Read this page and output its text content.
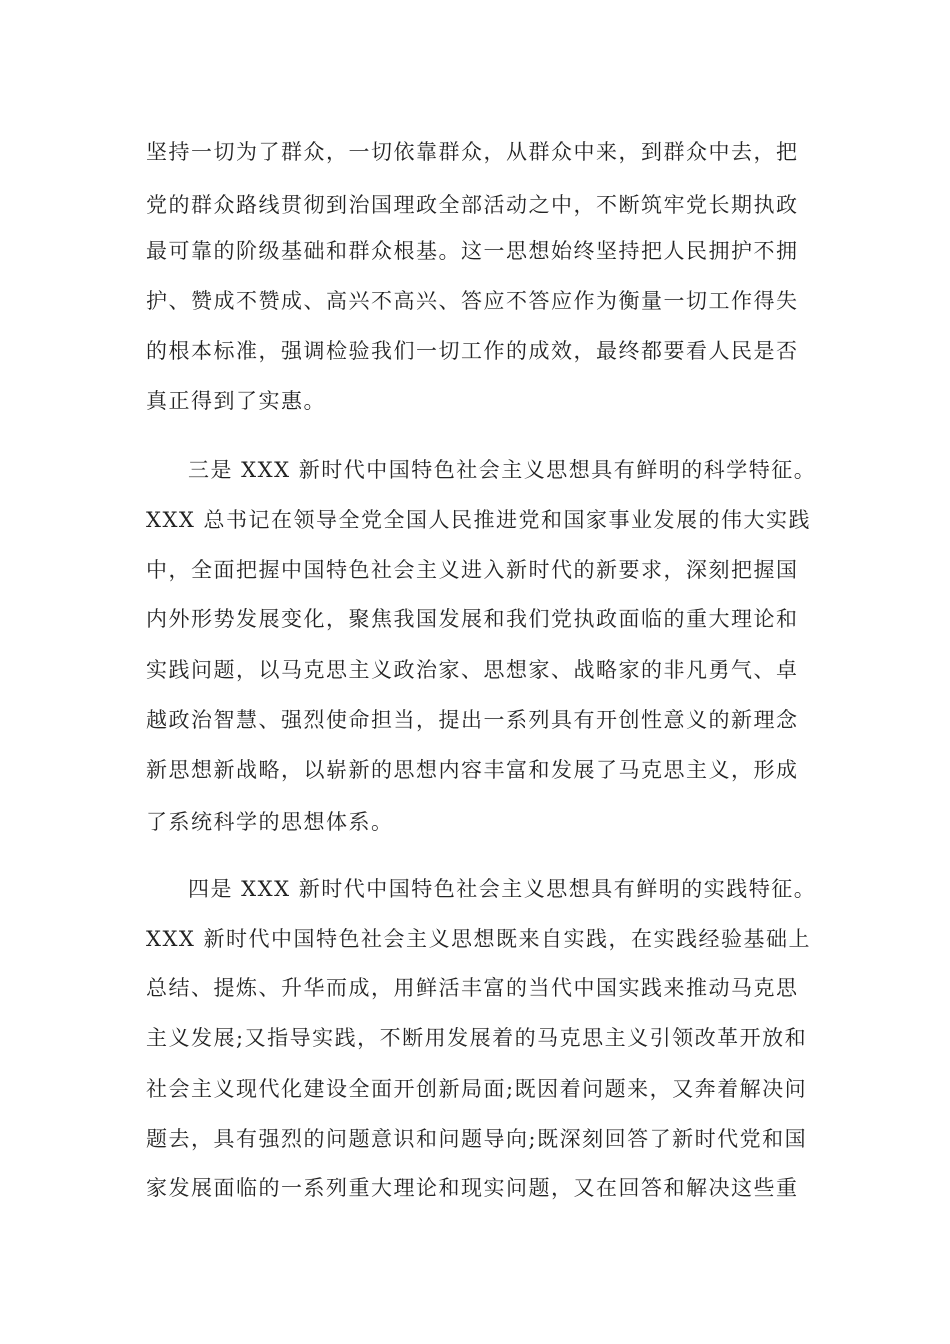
坚持一切为了群众，一切依靠群众，从群众中来，到群众中去，把
党的群众路线贯彻到治国理政全部活动之中，不断筑牢党长期执政
最可靠的阶级基础和群众根基。这一思想始终坚持把人民拥护不拥
护、赞成不赞成、高兴不高兴、答应不答应作为衡量一切工作得失
的根本标准，强调检验我们一切工作的成效，最终都要看人民是否
真正得到了实惠。
三是 XXX 新时代中国特色社会主义思想具有鲜明的科学特征。
XXX 总书记在领导全党全国人民推进党和国家事业发展的伟大实践
中，全面把握中国特色社会主义进入新时代的新要求，深刻把握国
内外形势发展变化，聚焦我国发展和我们党执政面临的重大理论和
实践问题，以马克思主义政治家、思想家、战略家的非凡勇气、卓
越政治智慧、强烈使命担当，提出一系列具有开创性意义的新理念
新思想新战略，以崭新的思想内容丰富和发展了马克思主义，形成
了系统科学的思想体系。
四是 XXX 新时代中国特色社会主义思想具有鲜明的实践特征。
XXX 新时代中国特色社会主义思想既来自实践，在实践经验基础上
总结、提炼、升华而成，用鲜活丰富的当代中国实践来推动马克思
主义发展;又指导实践，不断用发展着的马克思主义引领改革开放和
社会主义现代化建设全面开创新局面;既因着问题来，又奔着解决问
题去，具有强烈的问题意识和问题导向;既深刻回答了新时代党和国
家发展面临的一系列重大理论和现实问题，又在回答和解决这些重
